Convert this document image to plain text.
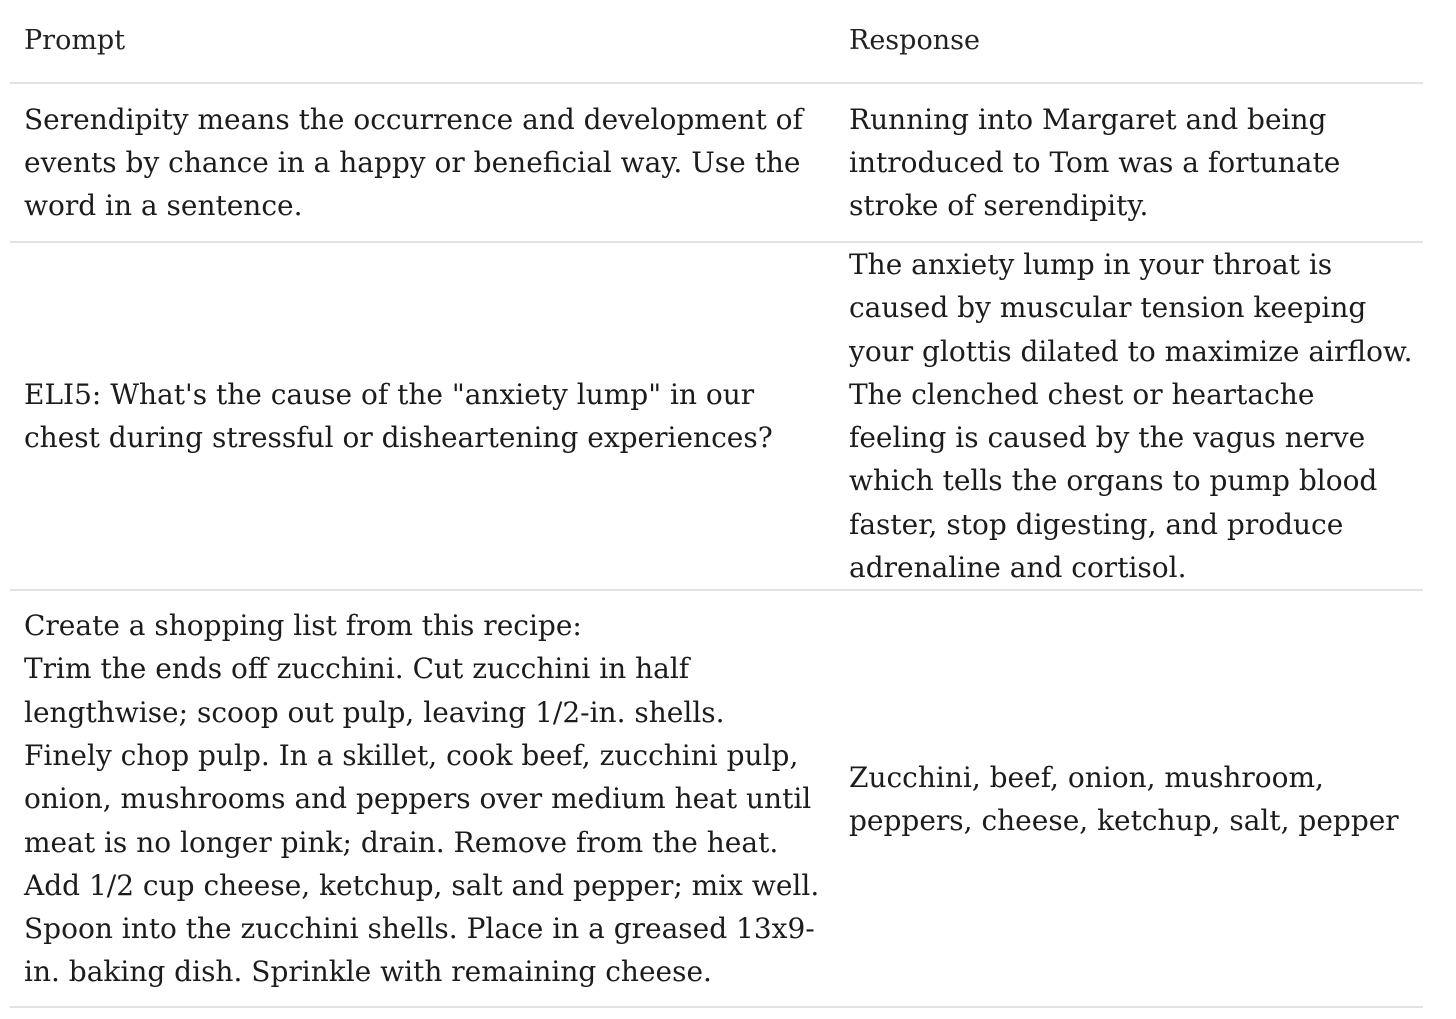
Prompt	Response

Serendipity means the occurrence and development of events by chance in a happy or beneficial way. Use the word in a sentence.	Running into Margaret and being introduced to Tom was a fortunate stroke of serendipity.

ELI5: What's the cause of the "anxiety lump" in our chest during stressful or disheartening experiences?	The anxiety lump in your throat is caused by muscular tension keeping your glottis dilated to maximize airflow. The clenched chest or heartache feeling is caused by the vagus nerve which tells the organs to pump blood faster, stop digesting, and produce adrenaline and cortisol.

Create a shopping list from this recipe:
Trim the ends off zucchini. Cut zucchini in half lengthwise; scoop out pulp, leaving 1/2-in. shells. Finely chop pulp. In a skillet, cook beef, zucchini pulp, onion, mushrooms and peppers over medium heat until meat is no longer pink; drain. Remove from the heat. Add 1/2 cup cheese, ketchup, salt and pepper; mix well. Spoon into the zucchini shells. Place in a greased 13x9-in. baking dish. Sprinkle with remaining cheese.	Zucchini, beef, onion, mushroom, peppers, cheese, ketchup, salt, pepper
